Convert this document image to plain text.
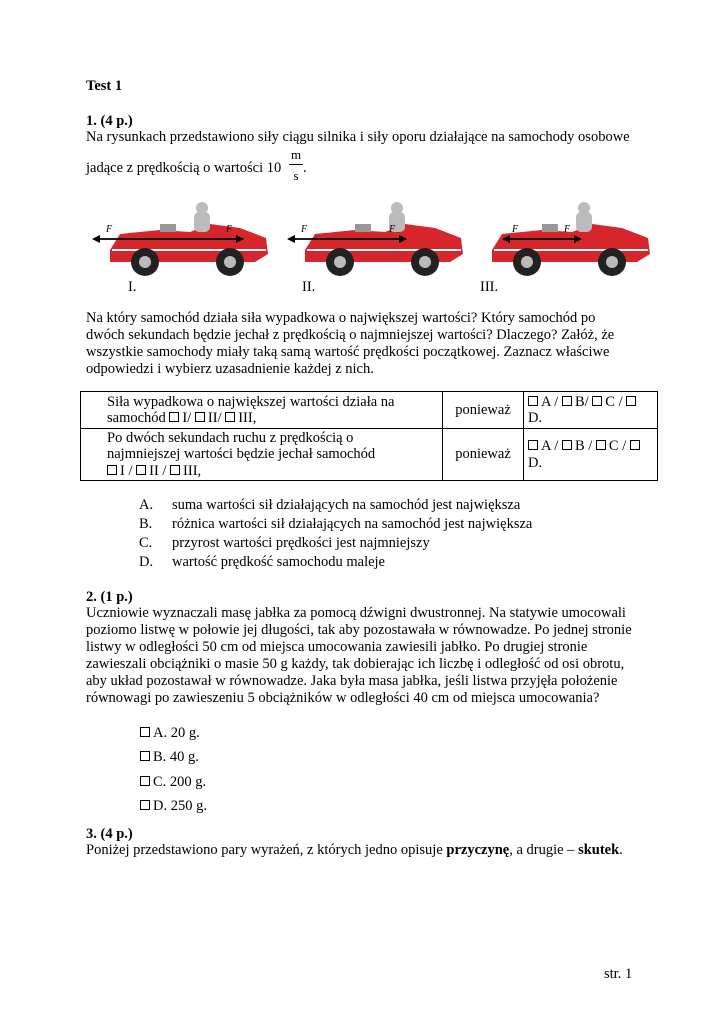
Test 1
1. (4 p.)
Na rysunkach przedstawiono siły ciągu silnika i siły oporu działające na samochody osobowe
jadące z prędkością o wartości 10
m
s .
F	F	F	F	F	F
I.	II.	III.
Na który samochód działa siła wypadkowa o największej wartości? Który samochód po
dwóch sekundach będzie jechał z prędkością o najmniejszej wartości? Dlaczego? Załóż, że
wszystkie samochody miały taką samą wartość prędkości początkowej. Zaznacz właściwe
odpowiedzi i wybierz uzasadnienie każdej z nich.
Siła wypadkowa o największej wartości działa na
samochód I/ II/ III,	ponieważ	A / B/ C / D.

Po dwóch sekundach ruchu z prędkością o
najmniejszej wartości będzie jechał samochód
I / II / III,	ponieważ	A / B / C / D.
A. suma wartości sił działających na samochód jest największa
B. różnica wartości sił działających na samochód jest największa
C. przyrost wartości prędkości jest najmniejszy
D. wartość prędkość samochodu maleje
2. (1 p.)
Uczniowie wyznaczali masę jabłka za pomocą dźwigni dwustronnej. Na statywie umocowali
poziomo listwę w połowie jej długości, tak aby pozostawała w równowadze. Po jednej stronie
listwy w odległości 50 cm od miejsca umocowania zawiesili jabłko. Po drugiej stronie
zawieszali obciążniki o masie 50 g każdy, tak dobierając ich liczbę i odległość od osi obrotu,
aby układ pozostawał w równowadze. Jaka była masa jabłka, jeśli listwa przyjęła położenie
równowagi po zawieszeniu 5 obciążników w odległości 40 cm od miejsca umocowania?
A. 20 g.
B. 40 g.
C. 200 g.
D. 250 g.
3. (4 p.)
Poniżej przedstawiono pary wyrażeń, z których jedno opisuje przyczynę, a drugie – skutek.
str. 1
